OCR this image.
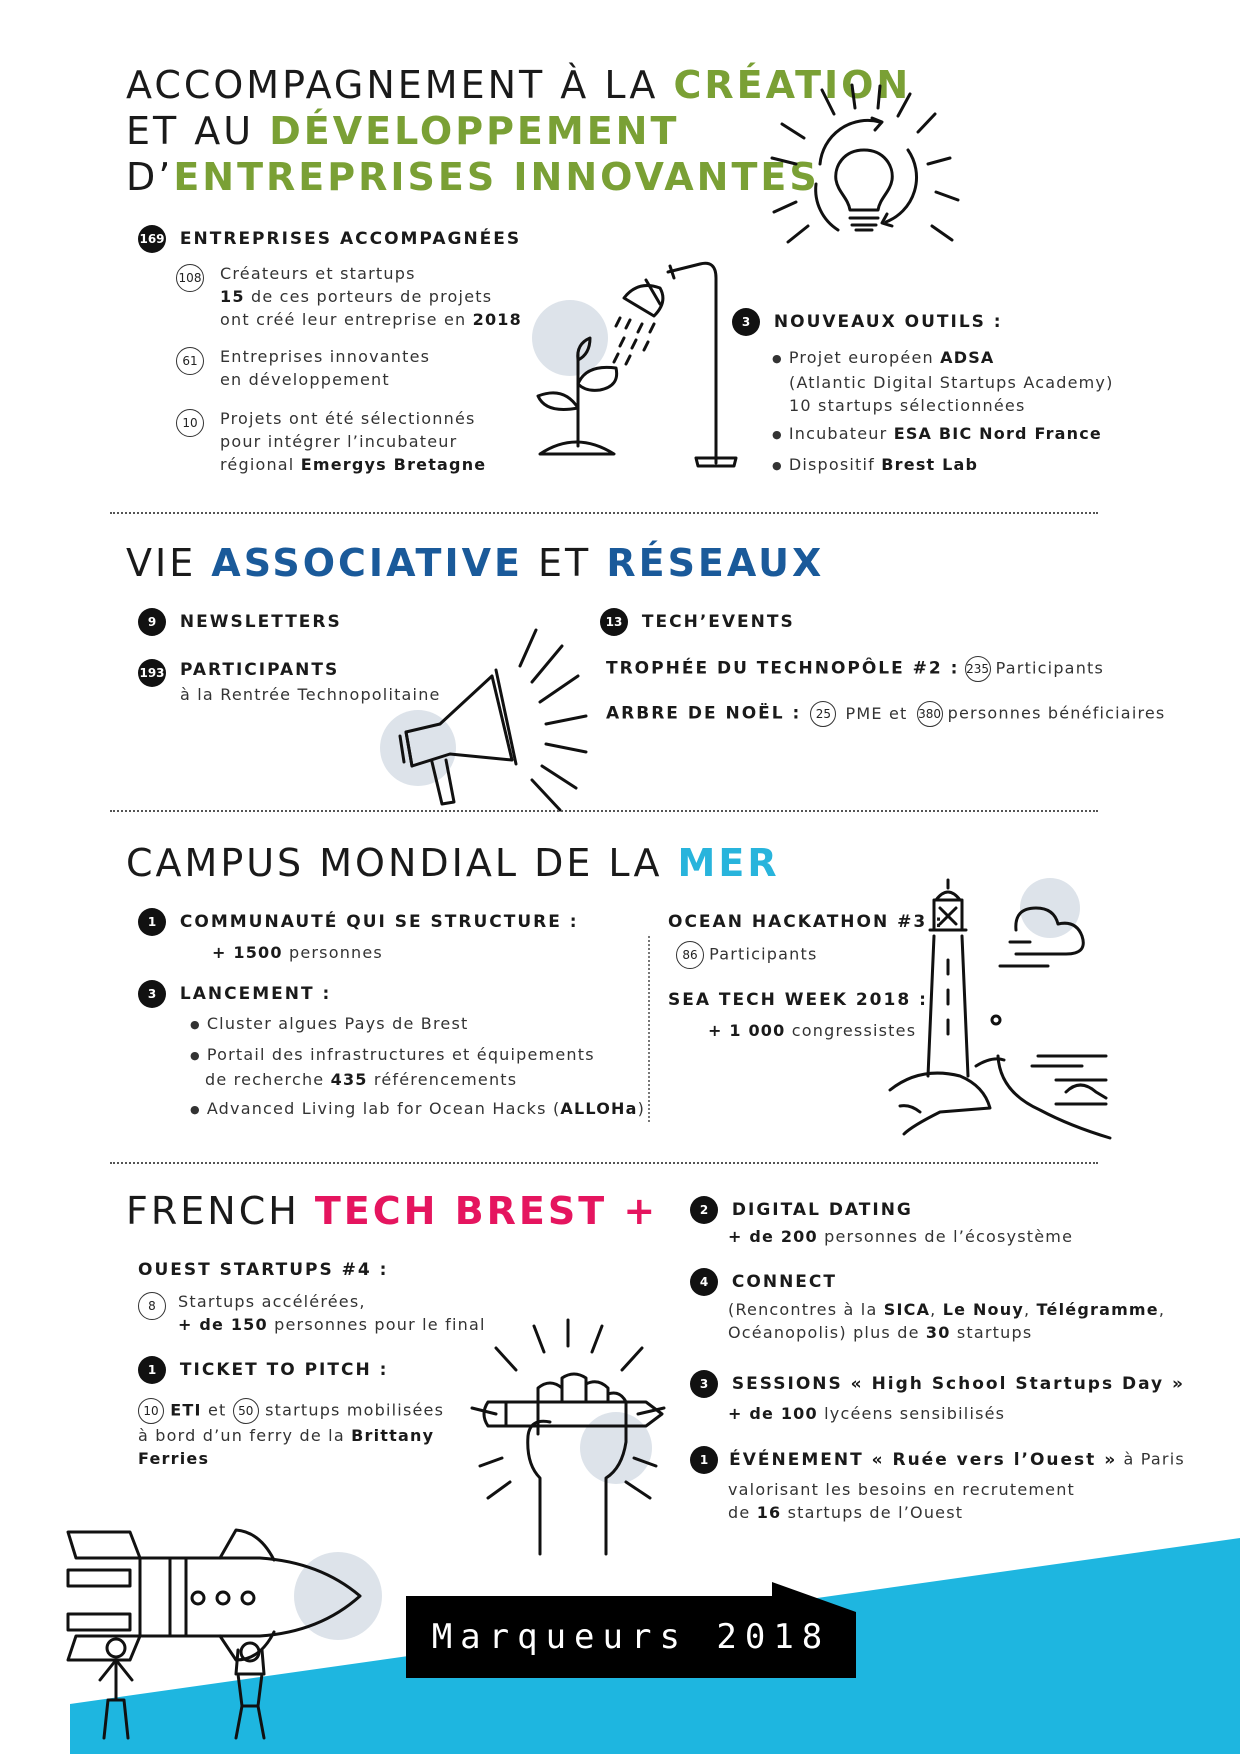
ACCOMPAGNEMENT À LA CRÉATION
ET AU DÉVELOPPEMENT
D’ENTREPRISES INNOVANTES
169 ENTREPRISES ACCOMPAGNÉES
108 Créateurs et startups
15 de ces porteurs de projets
ont créé leur entreprise en 2018
61	Entreprises innovantes
en développement
10	Projets ont été sélectionnés
pour intégrer l’incubateur
régional Emergys Bretagne
3 NOUVEAUX OUTILS :
● Projet européen ADSA
(Atlantic Digital Startups Academy)
10 startups sélectionnées
● Incubateur ESA BIC Nord France
● Dispositif Brest Lab
VIE ASSOCIATIVE ET RÉSEAUX
9 NEWSLETTERS
193 PARTICIPANTS
à la Rentrée Technopolitaine
13 TECH’EVENTS
TROPHÉE DU TECHNOPÔLE #2 : 235 Participants
ARBRE DE NOËL : 25 PME et 380 personnes bénéficiaires
CAMPUS MONDIAL DE LA MER
1 COMMUNAUTÉ QUI SE STRUCTURE :
+ 1500 personnes
3 LANCEMENT :
● Cluster algues Pays de Brest
● Portail des infrastructures et équipements
de recherche 435 référencements
● Advanced Living lab for Ocean Hacks (ALLOHa)
OCEAN HACKATHON #3 :
86 Participants
SEA TECH WEEK 2018 :
+ 1 000 congressistes
FRENCH TECH BREST +
OUEST STARTUPS #4 :
8	Startups accélérées,
+ de 150 personnes pour le final
1 TICKET TO PITCH :
10 ETI et 50 startups mobilisées
à bord d’un ferry de la Brittany
Ferries
2 DIGITAL DATING
+ de 200 personnes de l’écosystème
4 CONNECT
(Rencontres à la SICA, Le Nouy, Télégramme,
Océanopolis) plus de 30 startups
3 SESSIONS « High School Startups Day »
+ de 100 lycéens sensibilisés
1 ÉVÉNEMENT « Ruée vers l’Ouest » à Paris
valorisant les besoins en recrutement
de 16 startups de l’Ouest
Marqueurs 2018
